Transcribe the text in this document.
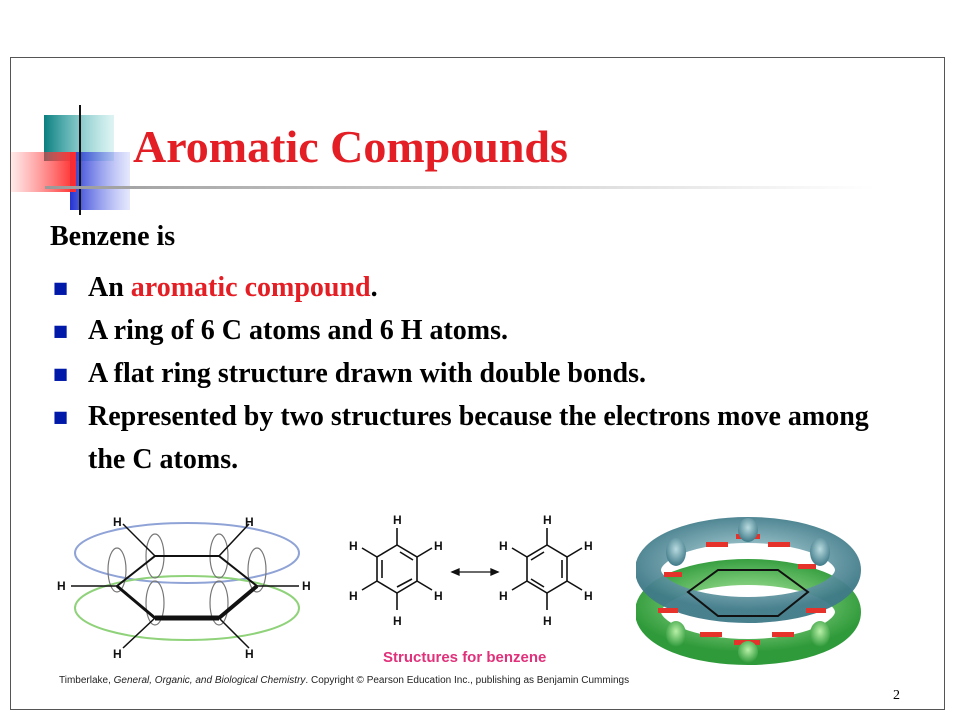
Aromatic Compounds
Benzene is
■ An aromatic compound.
■ A ring of 6 C atoms and 6 H atoms.
■ A flat ring structure drawn with double bonds.
■ Represented by two structures because the electrons move among the C atoms.
H	H
H	H
H	H
H
H
H
H
H
H
H
H
H
H
H
H
Structures for benzene
Timberlake, General, Organic, and Biological Chemistry. Copyright © Pearson Education Inc., publishing as Benjamin Cummings
2
